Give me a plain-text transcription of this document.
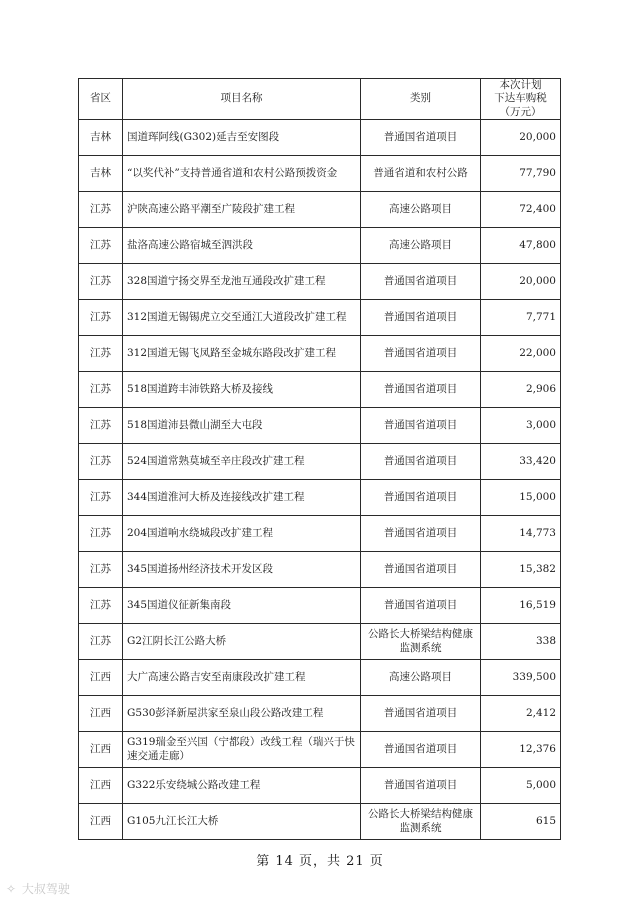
省区	项目名称	类别	本次计划
下达车购税
（万元）

吉林	国道珲阿线(G302)延吉至安图段	普通国省道项目	20,000
吉林	“以奖代补”支持普通省道和农村公路预拨资金	普通省道和农村公路	77,790
江苏	沪陕高速公路平潮至广陵段扩建工程	高速公路项目	72,400
江苏	盐洛高速公路宿城至泗洪段	高速公路项目	47,800
江苏	328国道宁扬交界至龙池互通段改扩建工程	普通国省道项目	20,000
江苏	312国道无锡锡虎立交至通江大道段改扩建工程	普通国省道项目	7,771
江苏	312国道无锡飞凤路至金城东路段改扩建工程	普通国省道项目	22,000
江苏	518国道跨丰沛铁路大桥及接线	普通国省道项目	2,906
江苏	518国道沛县微山湖至大屯段	普通国省道项目	3,000
江苏	524国道常熟莫城至辛庄段改扩建工程	普通国省道项目	33,420
江苏	344国道淮河大桥及连接线改扩建工程	普通国省道项目	15,000
江苏	204国道响水绕城段改扩建工程	普通国省道项目	14,773
江苏	345国道扬州经济技术开发区段	普通国省道项目	15,382
江苏	345国道仪征新集南段	普通国省道项目	16,519
江苏	G2江阴长江公路大桥	公路长大桥梁结构健康监测系统	338
江西	大广高速公路吉安至南康段改扩建工程	高速公路项目	339,500
江西	G530彭泽新屋洪家至泉山段公路改建工程	普通国省道项目	2,412
江西	G319瑞金至兴国（宁都段）改线工程（瑞兴于快速交通走廊）	普通国省道项目	12,376
江西	G322乐安绕城公路改建工程	普通国省道项目	5,000
江西	G105九江长江大桥	公路长大桥梁结构健康监测系统	615
第 14 页，共 21 页
✧ 大叔驾驶
